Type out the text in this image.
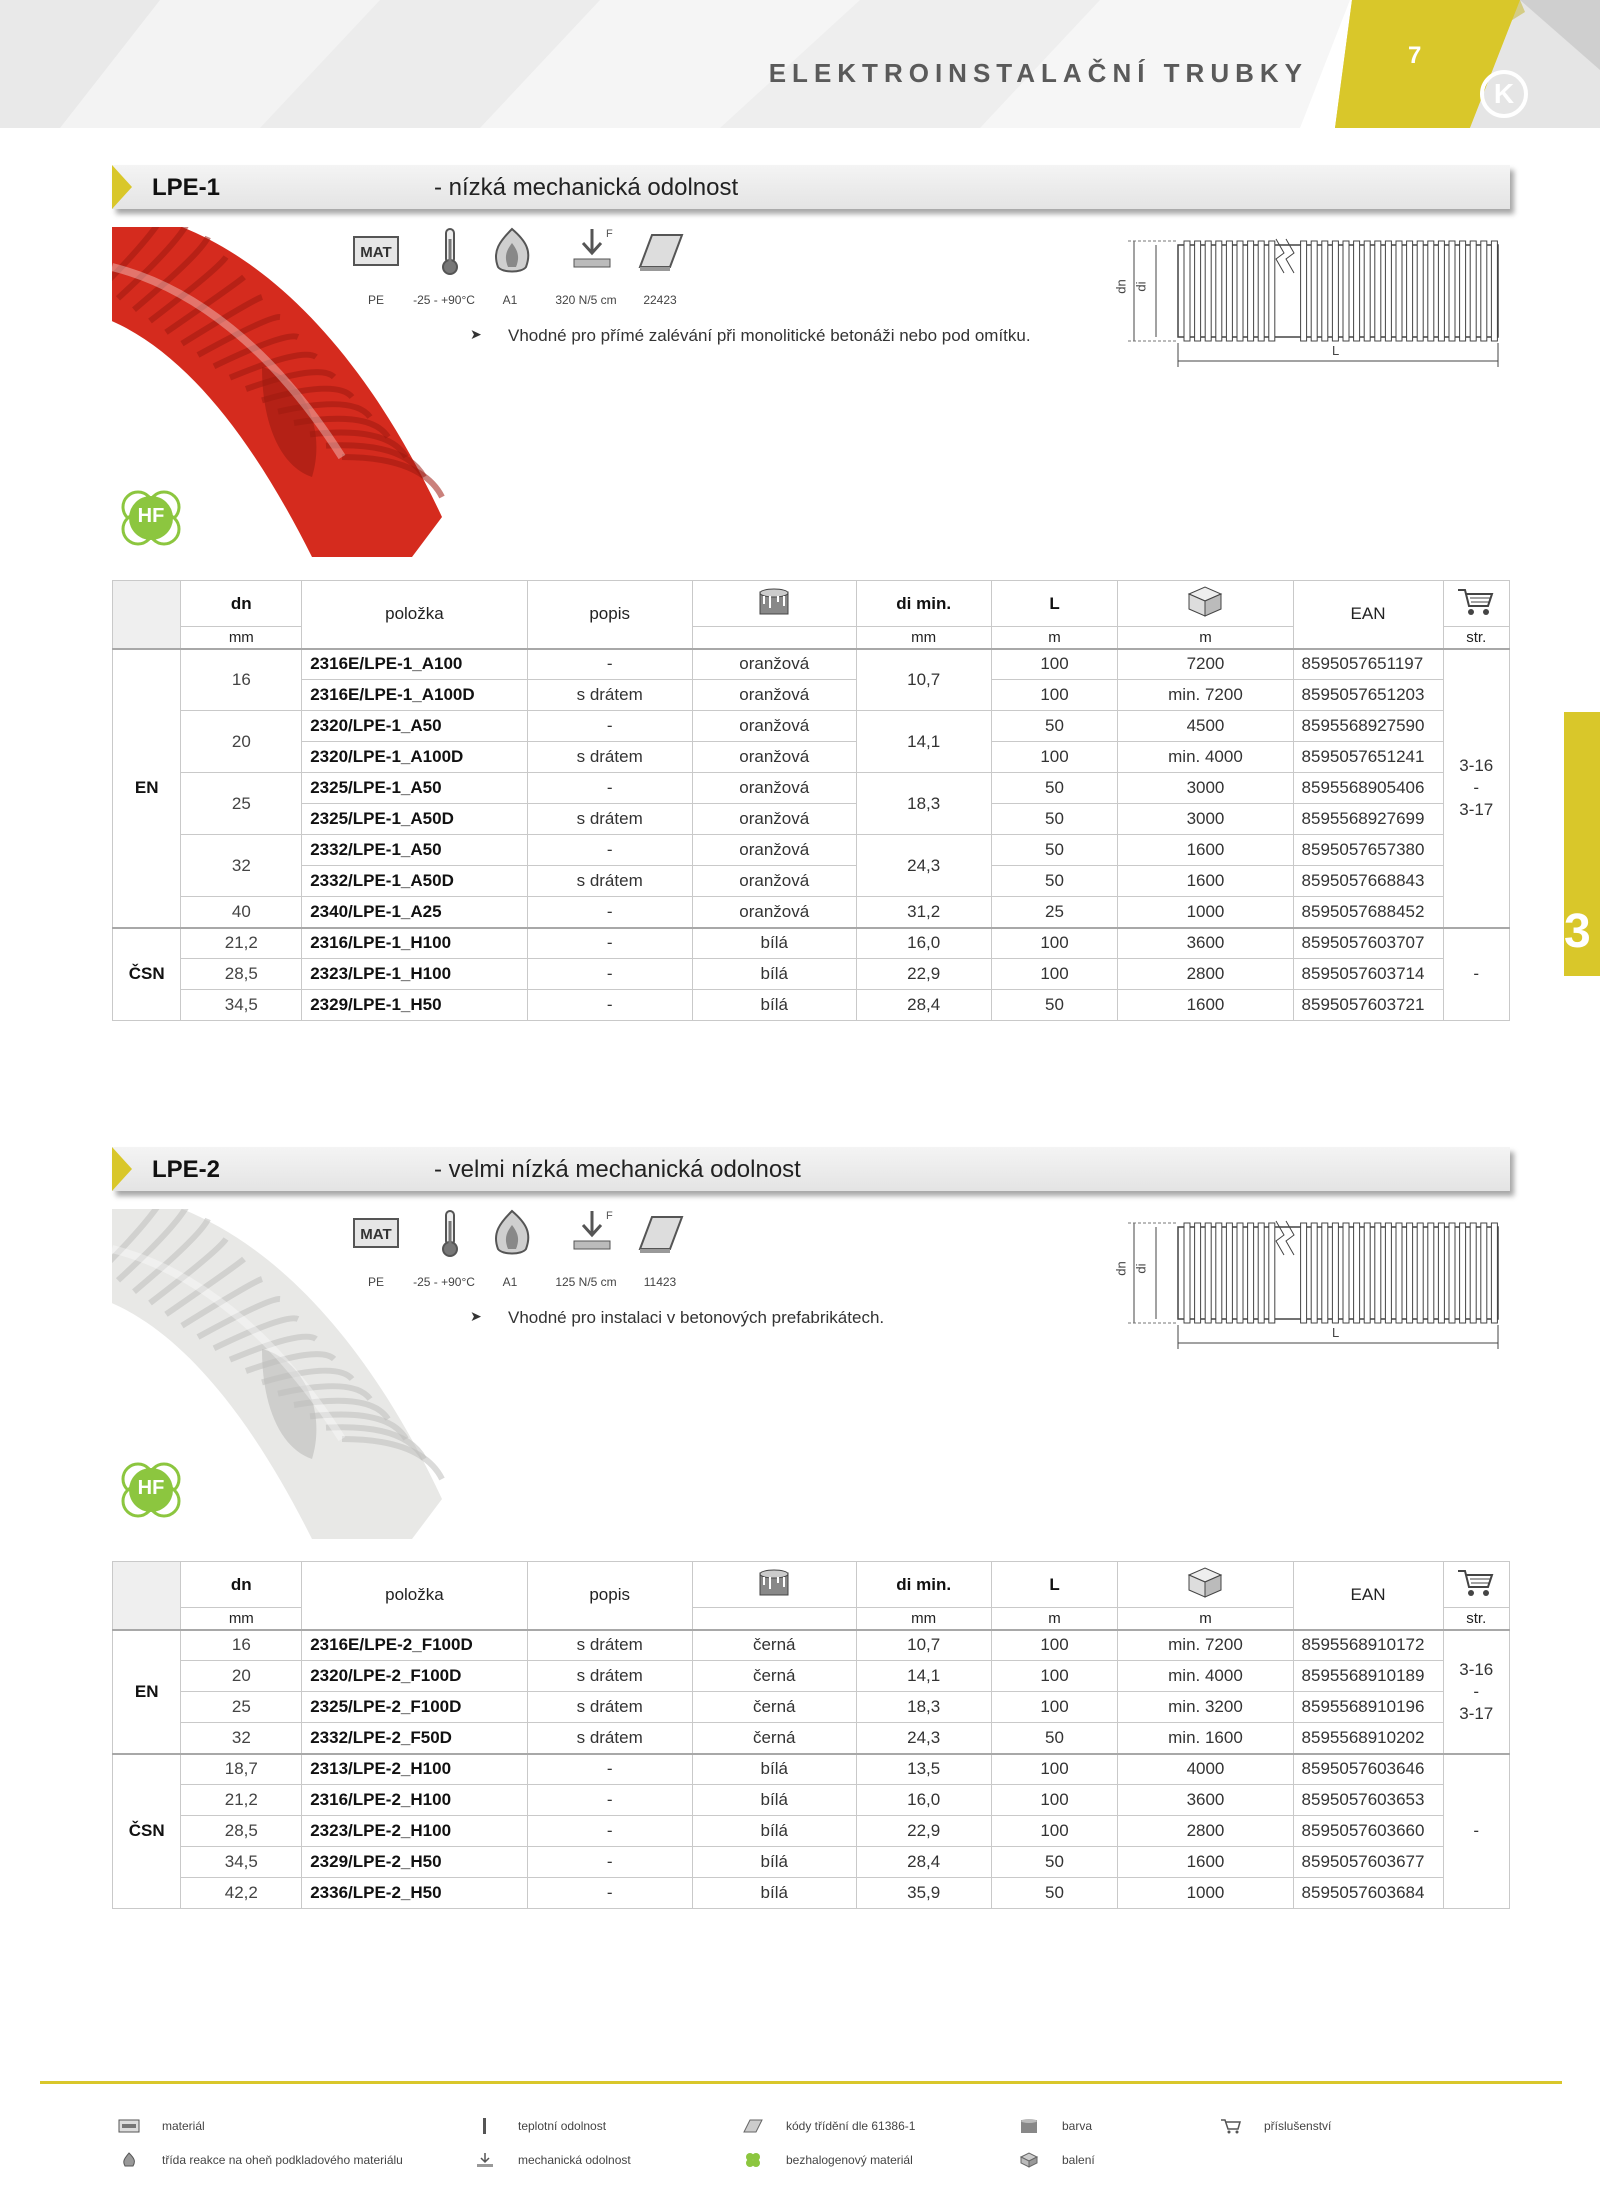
ELEKTROINSTALAČNÍ TRUBKY
7
K
3
LPE-1	- nízká mechanická odolnost
HF
MAT
PE	-25 - +90°C	A1
F
320 N/5 cm	22423
➤ Vhodné pro přímé zalévání při monolitické betonáži nebo pod omítku.
dn di
L
	dn	položka	popis		di min.	L		EAN	
	mm				mm	m	m		str.
EN	16	2316E/LPE-1_A100	-	oranžová	10,7	100	7200	8595057651197	3-16
-
3-17
		2316E/LPE-1_A100D	s drátem	oranžová		100	min. 7200	8595057651203	
	20	2320/LPE-1_A50	-	oranžová	14,1	50	4500	8595568927590	
		2320/LPE-1_A100D	s drátem	oranžová		100	min. 4000	8595057651241	
	25	2325/LPE-1_A50	-	oranžová	18,3	50	3000	8595568905406	
		2325/LPE-1_A50D	s drátem	oranžová		50	3000	8595568927699	
	32	2332/LPE-1_A50	-	oranžová	24,3	50	1600	8595057657380	
		2332/LPE-1_A50D	s drátem	oranžová		50	1600	8595057668843	
	40	2340/LPE-1_A25	-	oranžová	31,2	25	1000	8595057688452	
ČSN	21,2	2316/LPE-1_H100	-	bílá	16,0	100	3600	8595057603707	-
	28,5	2323/LPE-1_H100	-	bílá	22,9	100	2800	8595057603714	
	34,5	2329/LPE-1_H50	-	bílá	28,4	50	1600	8595057603721	
LPE-2	- velmi nízká mechanická odolnost
HF
MAT
PE	-25 - +90°C	A1
F
125 N/5 cm	11423
➤ Vhodné pro instalaci v betonových prefabrikátech.
dn di
L
	dn	položka	popis		di min.	L		EAN	
	mm				mm	m	m		str.
EN	16	2316E/LPE-2_F100D	s drátem	černá	10,7	100	min. 7200	8595568910172	3-16
-
3-17
	20	2320/LPE-2_F100D	s drátem	černá	14,1	100	min. 4000	8595568910189	
	25	2325/LPE-2_F100D	s drátem	černá	18,3	100	min. 3200	8595568910196	
	32	2332/LPE-2_F50D	s drátem	černá	24,3	50	min. 1600	8595568910202	
ČSN	18,7	2313/LPE-2_H100	-	bílá	13,5	100	4000	8595057603646	-
	21,2	2316/LPE-2_H100	-	bílá	16,0	100	3600	8595057603653	
	28,5	2323/LPE-2_H100	-	bílá	22,9	100	2800	8595057603660	
	34,5	2329/LPE-2_H50	-	bílá	28,4	50	1600	8595057603677	
	42,2	2336/LPE-2_H50	-	bílá	35,9	50	1000	8595057603684	
materiál	teplotní odolnost	kódy třídění dle 61386-1	barva	příslušenství
třída reakce na oheň podkladového materiálu	mechanická odolnost	bezhalogenový materiál	balení
